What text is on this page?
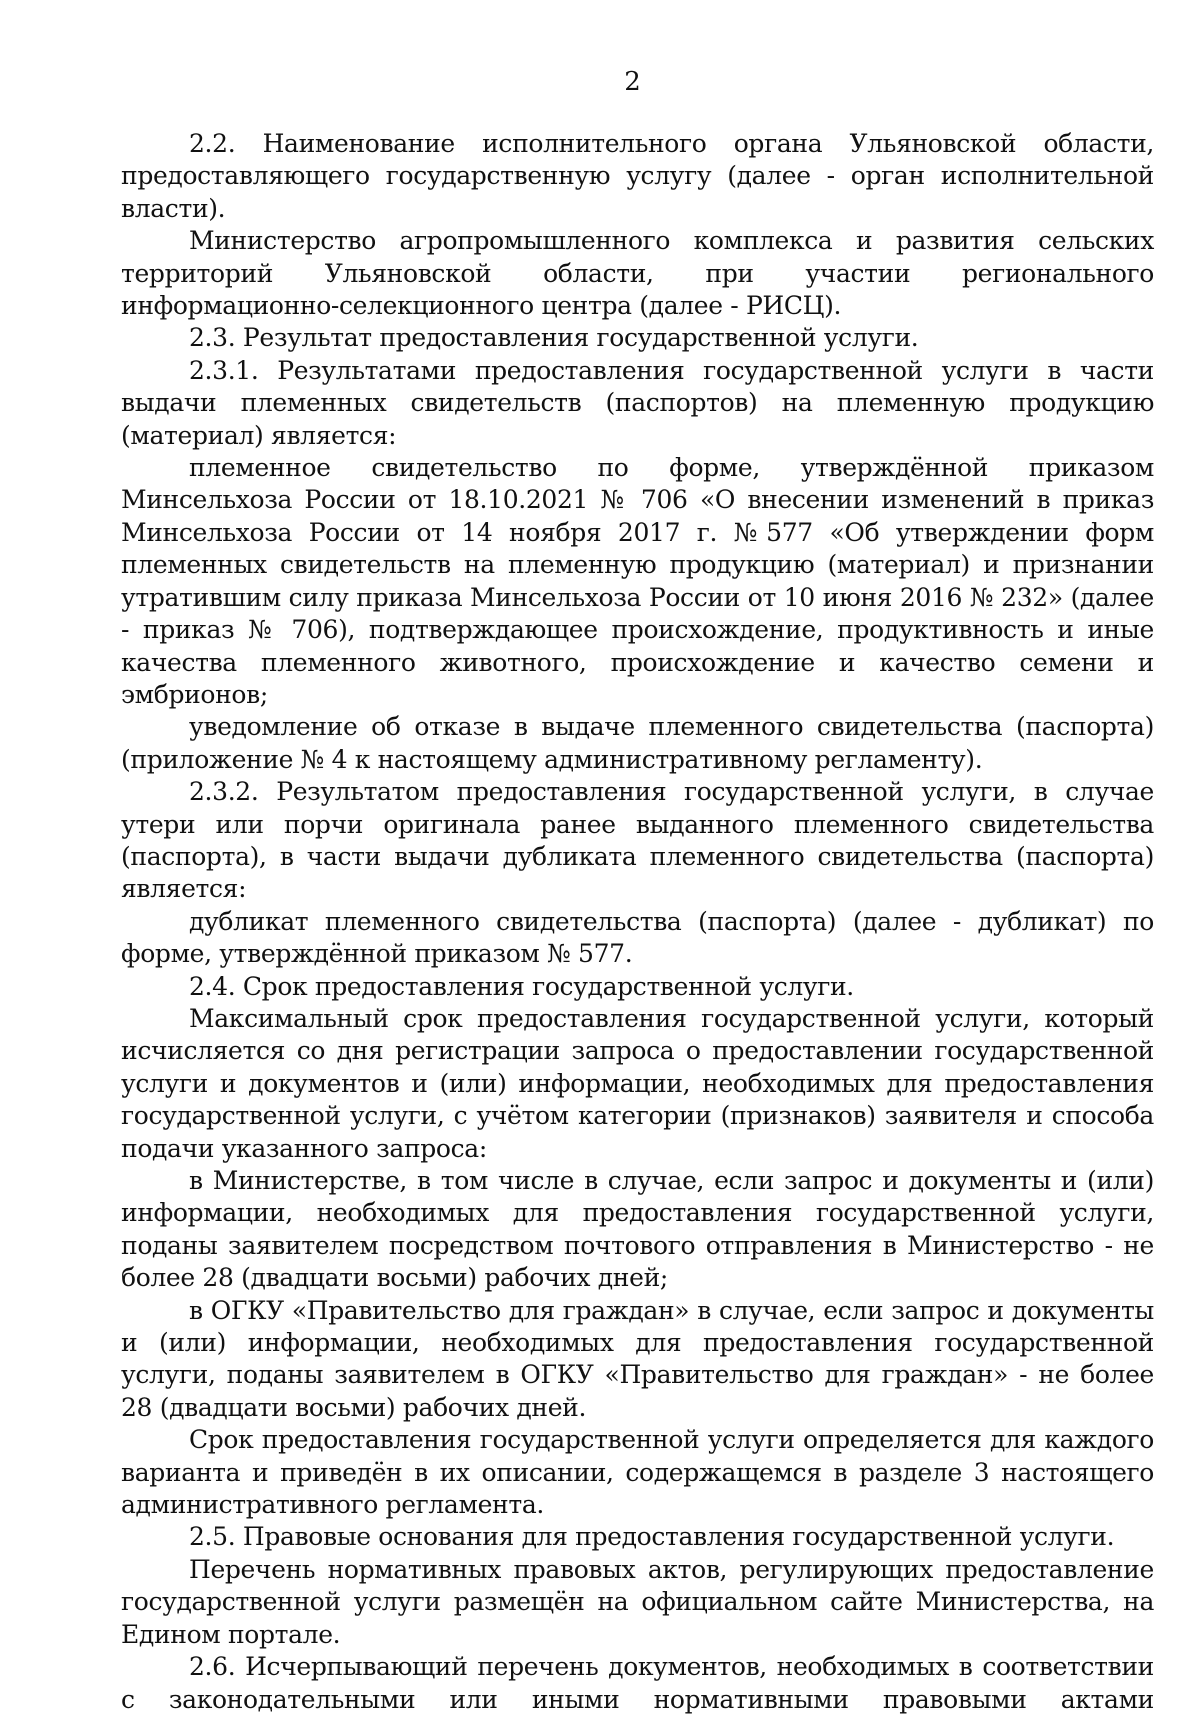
2

2.2. Наименование исполнительного органа Ульяновской области, предоставляющего государственную услугу (далее - орган исполнительной власти).

Министерство агропромышленного комплекса и развития сельских территорий Ульяновской области, при участии регионального информационно-селекционного центра (далее - РИСЦ).

2.3. Результат предоставления государственной услуги.

2.3.1. Результатами предоставления государственной услуги в части выдачи племенных свидетельств (паспортов) на племенную продукцию (материал) является:

племенное свидетельство по форме, утверждённой приказом Минсельхоза России от 18.10.2021 № 706 «О внесении изменений в приказ Минсельхоза России от 14 ноября 2017 г. №577 «Об утверждении форм племенных свидетельств на племенную продукцию (материал) и признании утратившим силу приказа Минсельхоза России от 10 июня 2016 № 232» (далее - приказ № 706), подтверждающее происхождение, продуктивность и иные качества племенного животного, происхождение и качество семени и эмбрионов;

уведомление об отказе в выдаче племенного свидетельства (паспорта) (приложение № 4 к настоящему административному регламенту).

2.3.2. Результатом предоставления государственной услуги, в случае утери или порчи оригинала ранее выданного племенного свидетельства (паспорта), в части выдачи дубликата племенного свидетельства (паспорта) является:

дубликат племенного свидетельства (паспорта) (далее - дубликат) по форме, утверждённой приказом № 577.

2.4. Срок предоставления государственной услуги.

Максимальный срок предоставления государственной услуги, который исчисляется со дня регистрации запроса о предоставлении государственной услуги и документов и (или) информации, необходимых для предоставления государственной услуги, с учётом категории (признаков) заявителя и способа подачи указанного запроса:

в Министерстве, в том числе в случае, если запрос и документы и (или) информации, необходимых для предоставления государственной услуги, поданы заявителем посредством почтового отправления в Министерство - не более 28 (двадцати восьми) рабочих дней;

в ОГКУ «Правительство для граждан» в случае, если запрос и документы и (или) информации, необходимых для предоставления государственной услуги, поданы заявителем в ОГКУ «Правительство для граждан» - не более 28 (двадцати восьми) рабочих дней.

Срок предоставления государственной услуги определяется для каждого варианта и приведён в их описании, содержащемся в разделе 3 настоящего административного регламента.

2.5. Правовые основания для предоставления государственной услуги.

Перечень нормативных правовых актов, регулирующих предоставление государственной услуги размещён на официальном сайте Министерства, на Едином портале.

2.6. Исчерпывающий перечень документов, необходимых в соответствии с законодательными или иными нормативными правовыми актами
